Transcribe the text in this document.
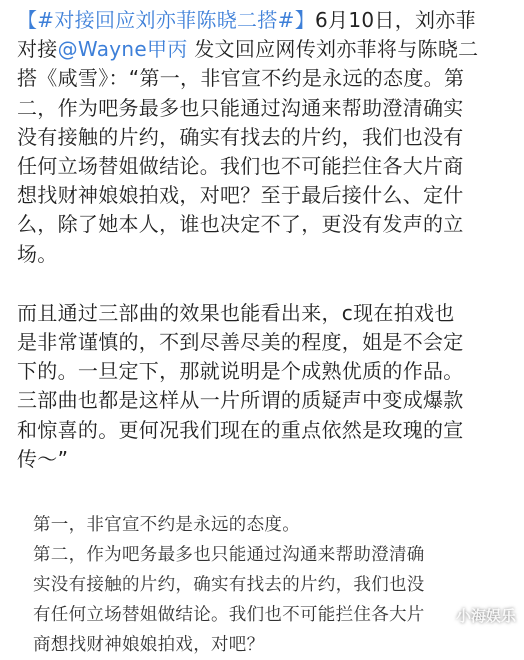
【#对接回应刘亦菲陈晓二搭#】6月10日，刘亦菲
对接@Wayne甲丙 发文回应网传刘亦菲将与陈晓二
搭《咸雪》：“第一，非官宣不约是永远的态度。第
二，作为吧务最多也只能通过沟通来帮助澄清确实
没有接触的片约，确实有找去的片约，我们也没有
任何立场替姐做结论。我们也不可能拦住各大片商
想找财神娘娘拍戏，对吧？至于最后接什么、定什
么，除了她本人，谁也决定不了，更没有发声的立
场。
而且通过三部曲的效果也能看出来，c现在拍戏也
是非常谨慎的，不到尽善尽美的程度，姐是不会定
下的。一旦定下，那就说明是个成熟优质的作品。
三部曲也都是这样从一片所谓的质疑声中变成爆款
和惊喜的。更何况我们现在的重点依然是玫瑰的宣
传～”
第一，非官宣不约是永远的态度。
第二，作为吧务最多也只能通过沟通来帮助澄清确
实没有接触的片约，确实有找去的片约，我们也没
有任何立场替姐做结论。我们也不可能拦住各大片
商想找财神娘娘拍戏，对吧？
小海娱乐
